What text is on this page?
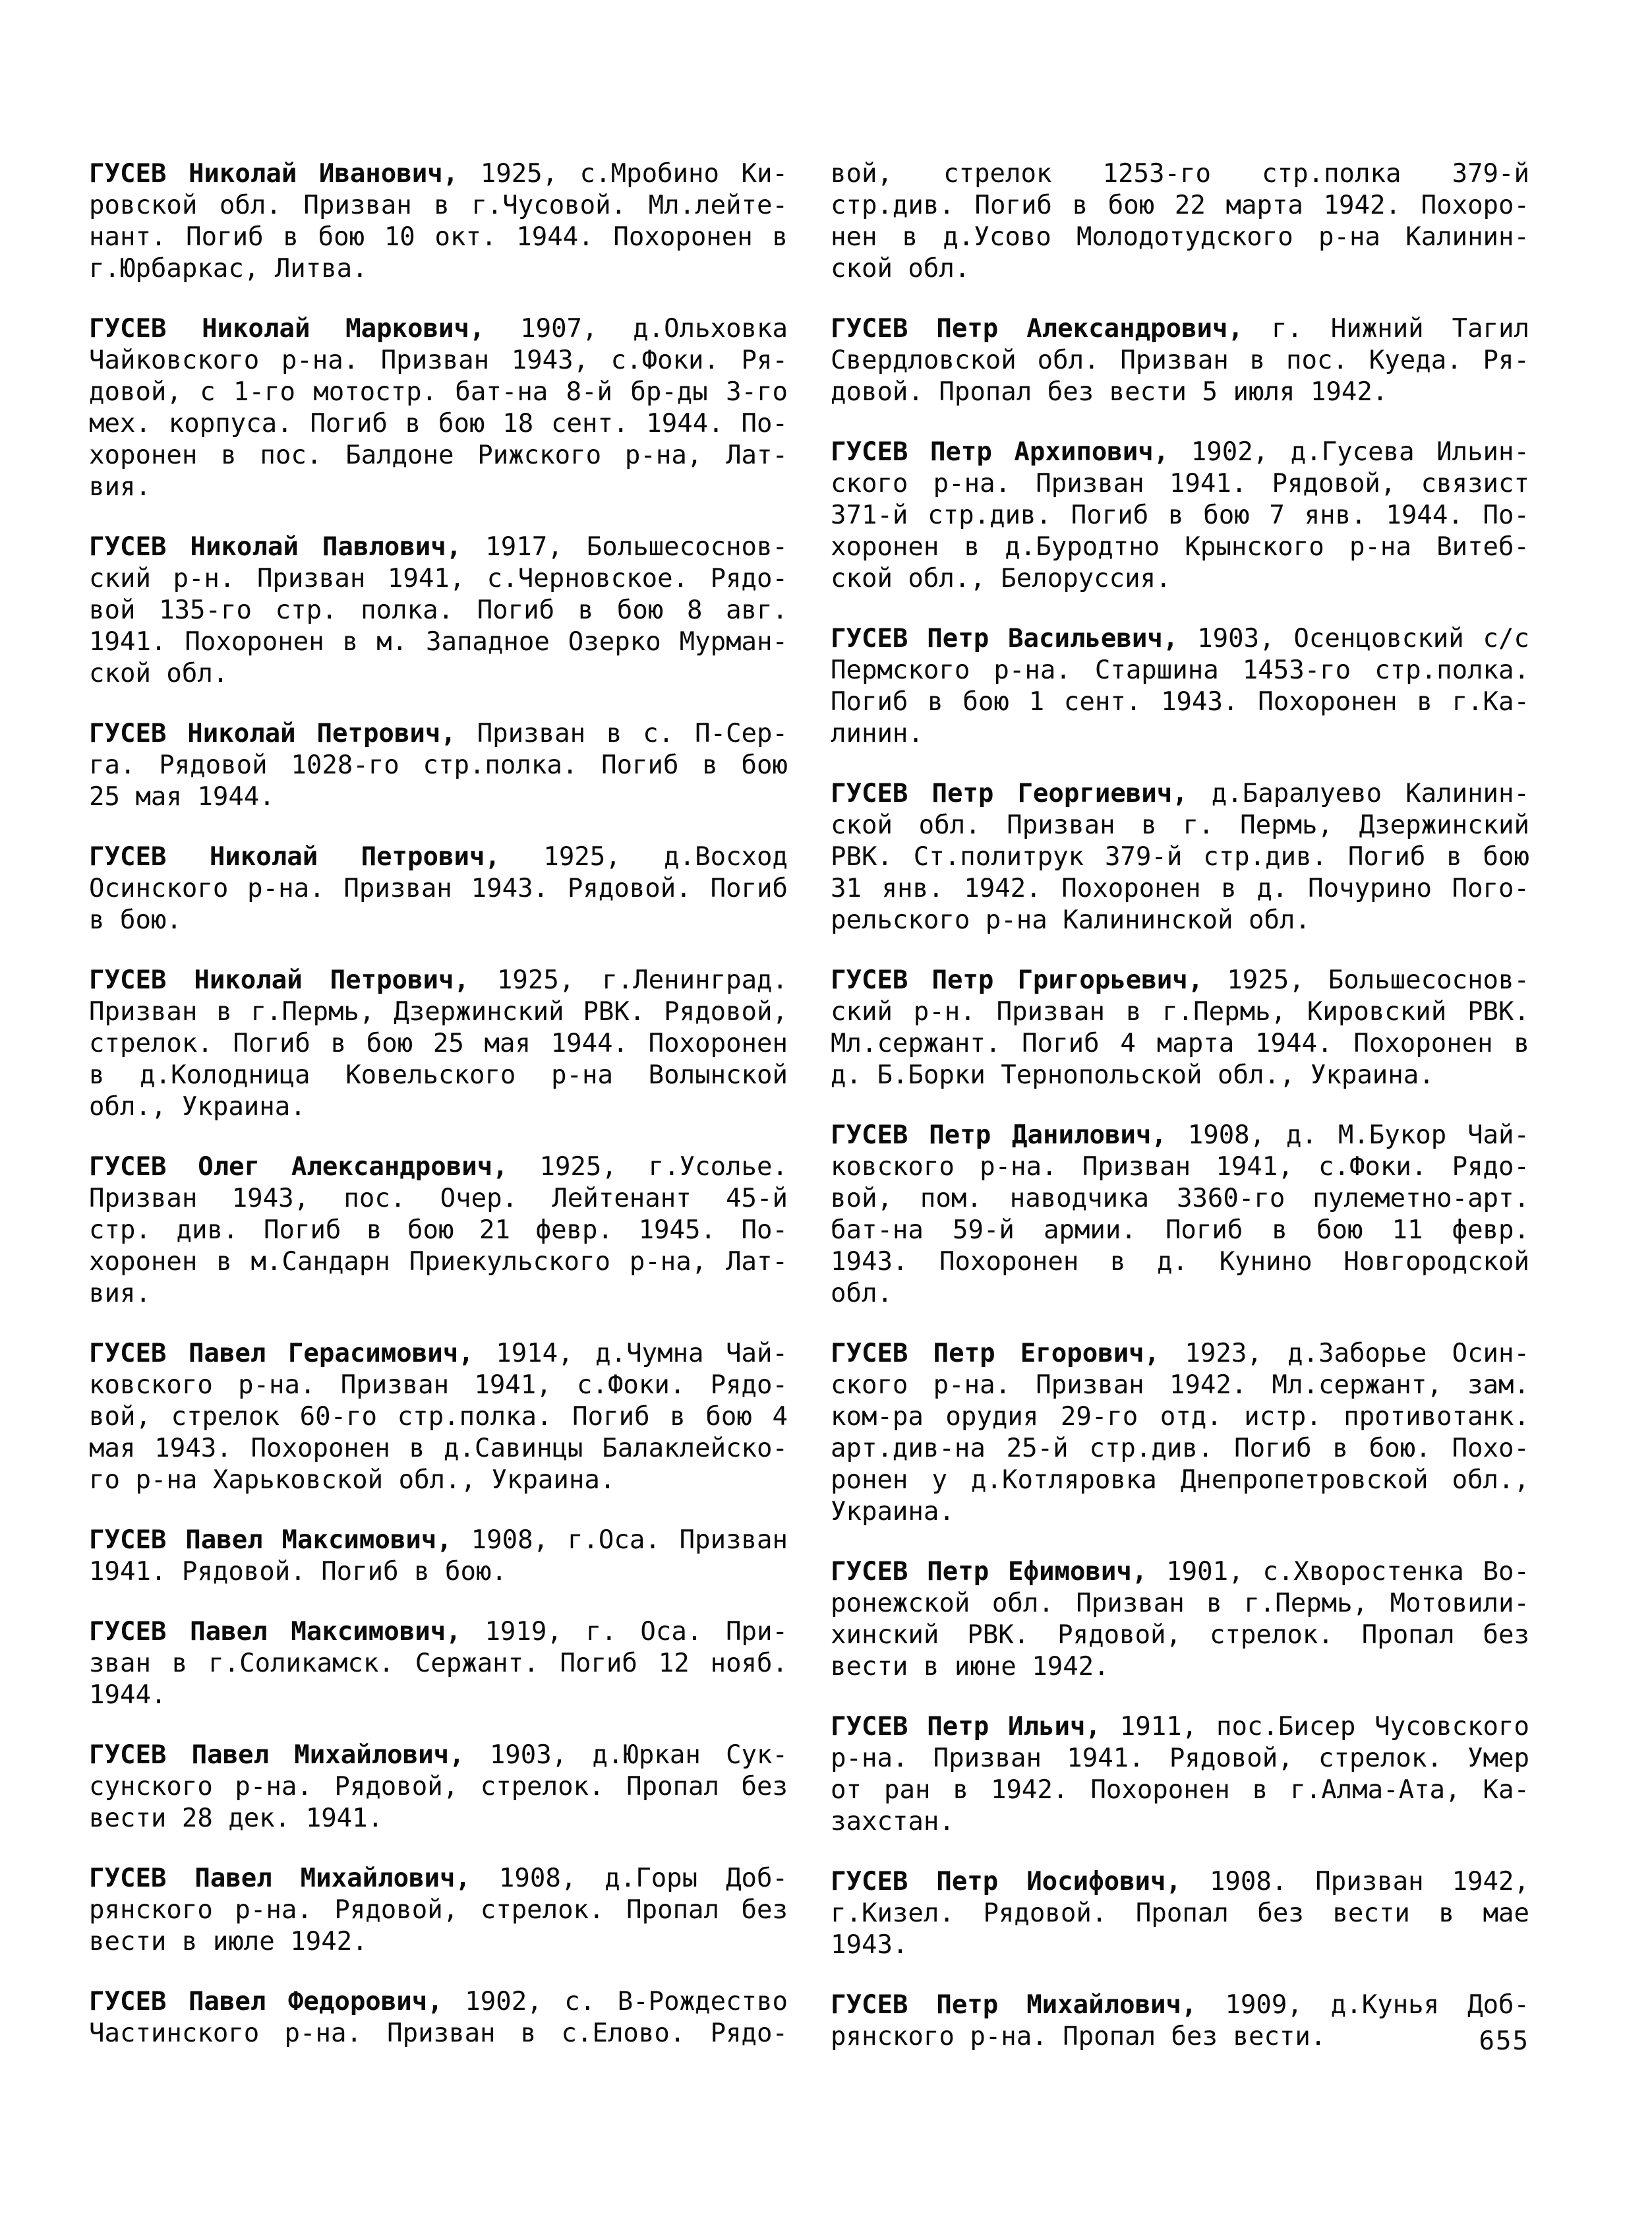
ГУСЕВ Николай Иванович, 1925, с.Мробино Ки-
ровской обл. Призван в г.Чусовой. Мл.лейте-
нант. Погиб в бою 10 окт. 1944. Похоронен в
г.Юрбаркас, Литва.
ГУСЕВ Николай Маркович, 1907, д.Ольховка
Чайковского р-на. Призван 1943, с.Фоки. Ря-
довой, с 1-го мотостр. бат-на 8-й бр-ды 3-го
мех. корпуса. Погиб в бою 18 сент. 1944. По-
хоронен в пос. Балдоне Рижского р-на, Лат-
вия.
ГУСЕВ Николай Павлович, 1917, Большесоснов-
ский р-н. Призван 1941, с.Черновское. Рядо-
вой 135-го стр. полка. Погиб в бою 8 авг.
1941. Похоронен в м. Западное Озерко Мурман-
ской обл.
ГУСЕВ Николай Петрович, Призван в с. П-Сер-
га. Рядовой 1028-го стр.полка. Погиб в бою
25 мая 1944.
ГУСЕВ Николай Петрович, 1925, д.Восход
Осинского р-на. Призван 1943. Рядовой. Погиб
в бою.
ГУСЕВ Николай Петрович, 1925, г.Ленинград.
Призван в г.Пермь, Дзержинский РВК. Рядовой,
стрелок. Погиб в бою 25 мая 1944. Похоронен
в д.Колодница Ковельского р-на Волынской
обл., Украина.
ГУСЕВ Олег Александрович, 1925, г.Усолье.
Призван 1943, пос. Очер. Лейтенант 45-й
стр. див. Погиб в бою 21 февр. 1945. По-
хоронен в м.Сандарн Приекульского р-на, Лат-
вия.
ГУСЕВ Павел Герасимович, 1914, д.Чумна Чай-
ковского р-на. Призван 1941, с.Фоки. Рядо-
вой, стрелок 60-го стр.полка. Погиб в бою 4
мая 1943. Похоронен в д.Савинцы Балаклейско-
го р-на Харьковской обл., Украина.
ГУСЕВ Павел Максимович, 1908, г.Оса. Призван
1941. Рядовой. Погиб в бою.
ГУСЕВ Павел Максимович, 1919, г. Оса. При-
зван в г.Соликамск. Сержант. Погиб 12 нояб.
1944.
ГУСЕВ Павел Михайлович, 1903, д.Юркан Сук-
сунского р-на. Рядовой, стрелок. Пропал без
вести 28 дек. 1941.
ГУСЕВ Павел Михайлович, 1908, д.Горы Доб-
рянского р-на. Рядовой, стрелок. Пропал без
вести в июле 1942.
ГУСЕВ Павел Федорович, 1902, с. В-Рождество
Частинского р-на. Призван в с.Елово. Рядо-
вой, стрелок 1253-го стр.полка 379-й
стр.див. Погиб в бою 22 марта 1942. Похоро-
нен в д.Усово Молодотудского р-на Калинин-
ской обл.
ГУСЕВ Петр Александрович, г. Нижний Тагил
Свердловской обл. Призван в пос. Куеда. Ря-
довой. Пропал без вести 5 июля 1942.
ГУСЕВ Петр Архипович, 1902, д.Гусева Ильин-
ского р-на. Призван 1941. Рядовой, связист
371-й стр.див. Погиб в бою 7 янв. 1944. По-
хоронен в д.Буродтно Крынского р-на Витеб-
ской обл., Белоруссия.
ГУСЕВ Петр Васильевич, 1903, Осенцовский с/с
Пермского р-на. Старшина 1453-го стр.полка.
Погиб в бою 1 сент. 1943. Похоронен в г.Ка-
линин.
ГУСЕВ Петр Георгиевич, д.Баралуево Калинин-
ской обл. Призван в г. Пермь, Дзержинский
РВК. Ст.политрук 379-й стр.див. Погиб в бою
31 янв. 1942. Похоронен в д. Почурино Пого-
рельского р-на Калининской обл.
ГУСЕВ Петр Григорьевич, 1925, Большесоснов-
ский р-н. Призван в г.Пермь, Кировский РВК.
Мл.сержант. Погиб 4 марта 1944. Похоронен в
д. Б.Борки Тернопольской обл., Украина.
ГУСЕВ Петр Данилович, 1908, д. М.Букор Чай-
ковского р-на. Призван 1941, с.Фоки. Рядо-
вой, пом. наводчика 3360-го пулеметно-арт.
бат-на 59-й армии. Погиб в бою 11 февр.
1943. Похоронен в д. Кунино Новгородской
обл.
ГУСЕВ Петр Егорович, 1923, д.Заборье Осин-
ского р-на. Призван 1942. Мл.сержант, зам.
ком-ра орудия 29-го отд. истр. противотанк.
арт.див-на 25-й стр.див. Погиб в бою. Похо-
ронен у д.Котляровка Днепропетровской обл.,
Украина.
ГУСЕВ Петр Ефимович, 1901, с.Хворостенка Во-
ронежской обл. Призван в г.Пермь, Мотовили-
хинский РВК. Рядовой, стрелок. Пропал без
вести в июне 1942.
ГУСЕВ Петр Ильич, 1911, пос.Бисер Чусовского
р-на. Призван 1941. Рядовой, стрелок. Умер
от ран в 1942. Похоронен в г.Алма-Ата, Ка-
захстан.
ГУСЕВ Петр Иосифович, 1908. Призван 1942,
г.Кизел. Рядовой. Пропал без вести в мае
1943.
ГУСЕВ Петр Михайлович, 1909, д.Кунья Доб-
рянского р-на. Пропал без вести.	655
